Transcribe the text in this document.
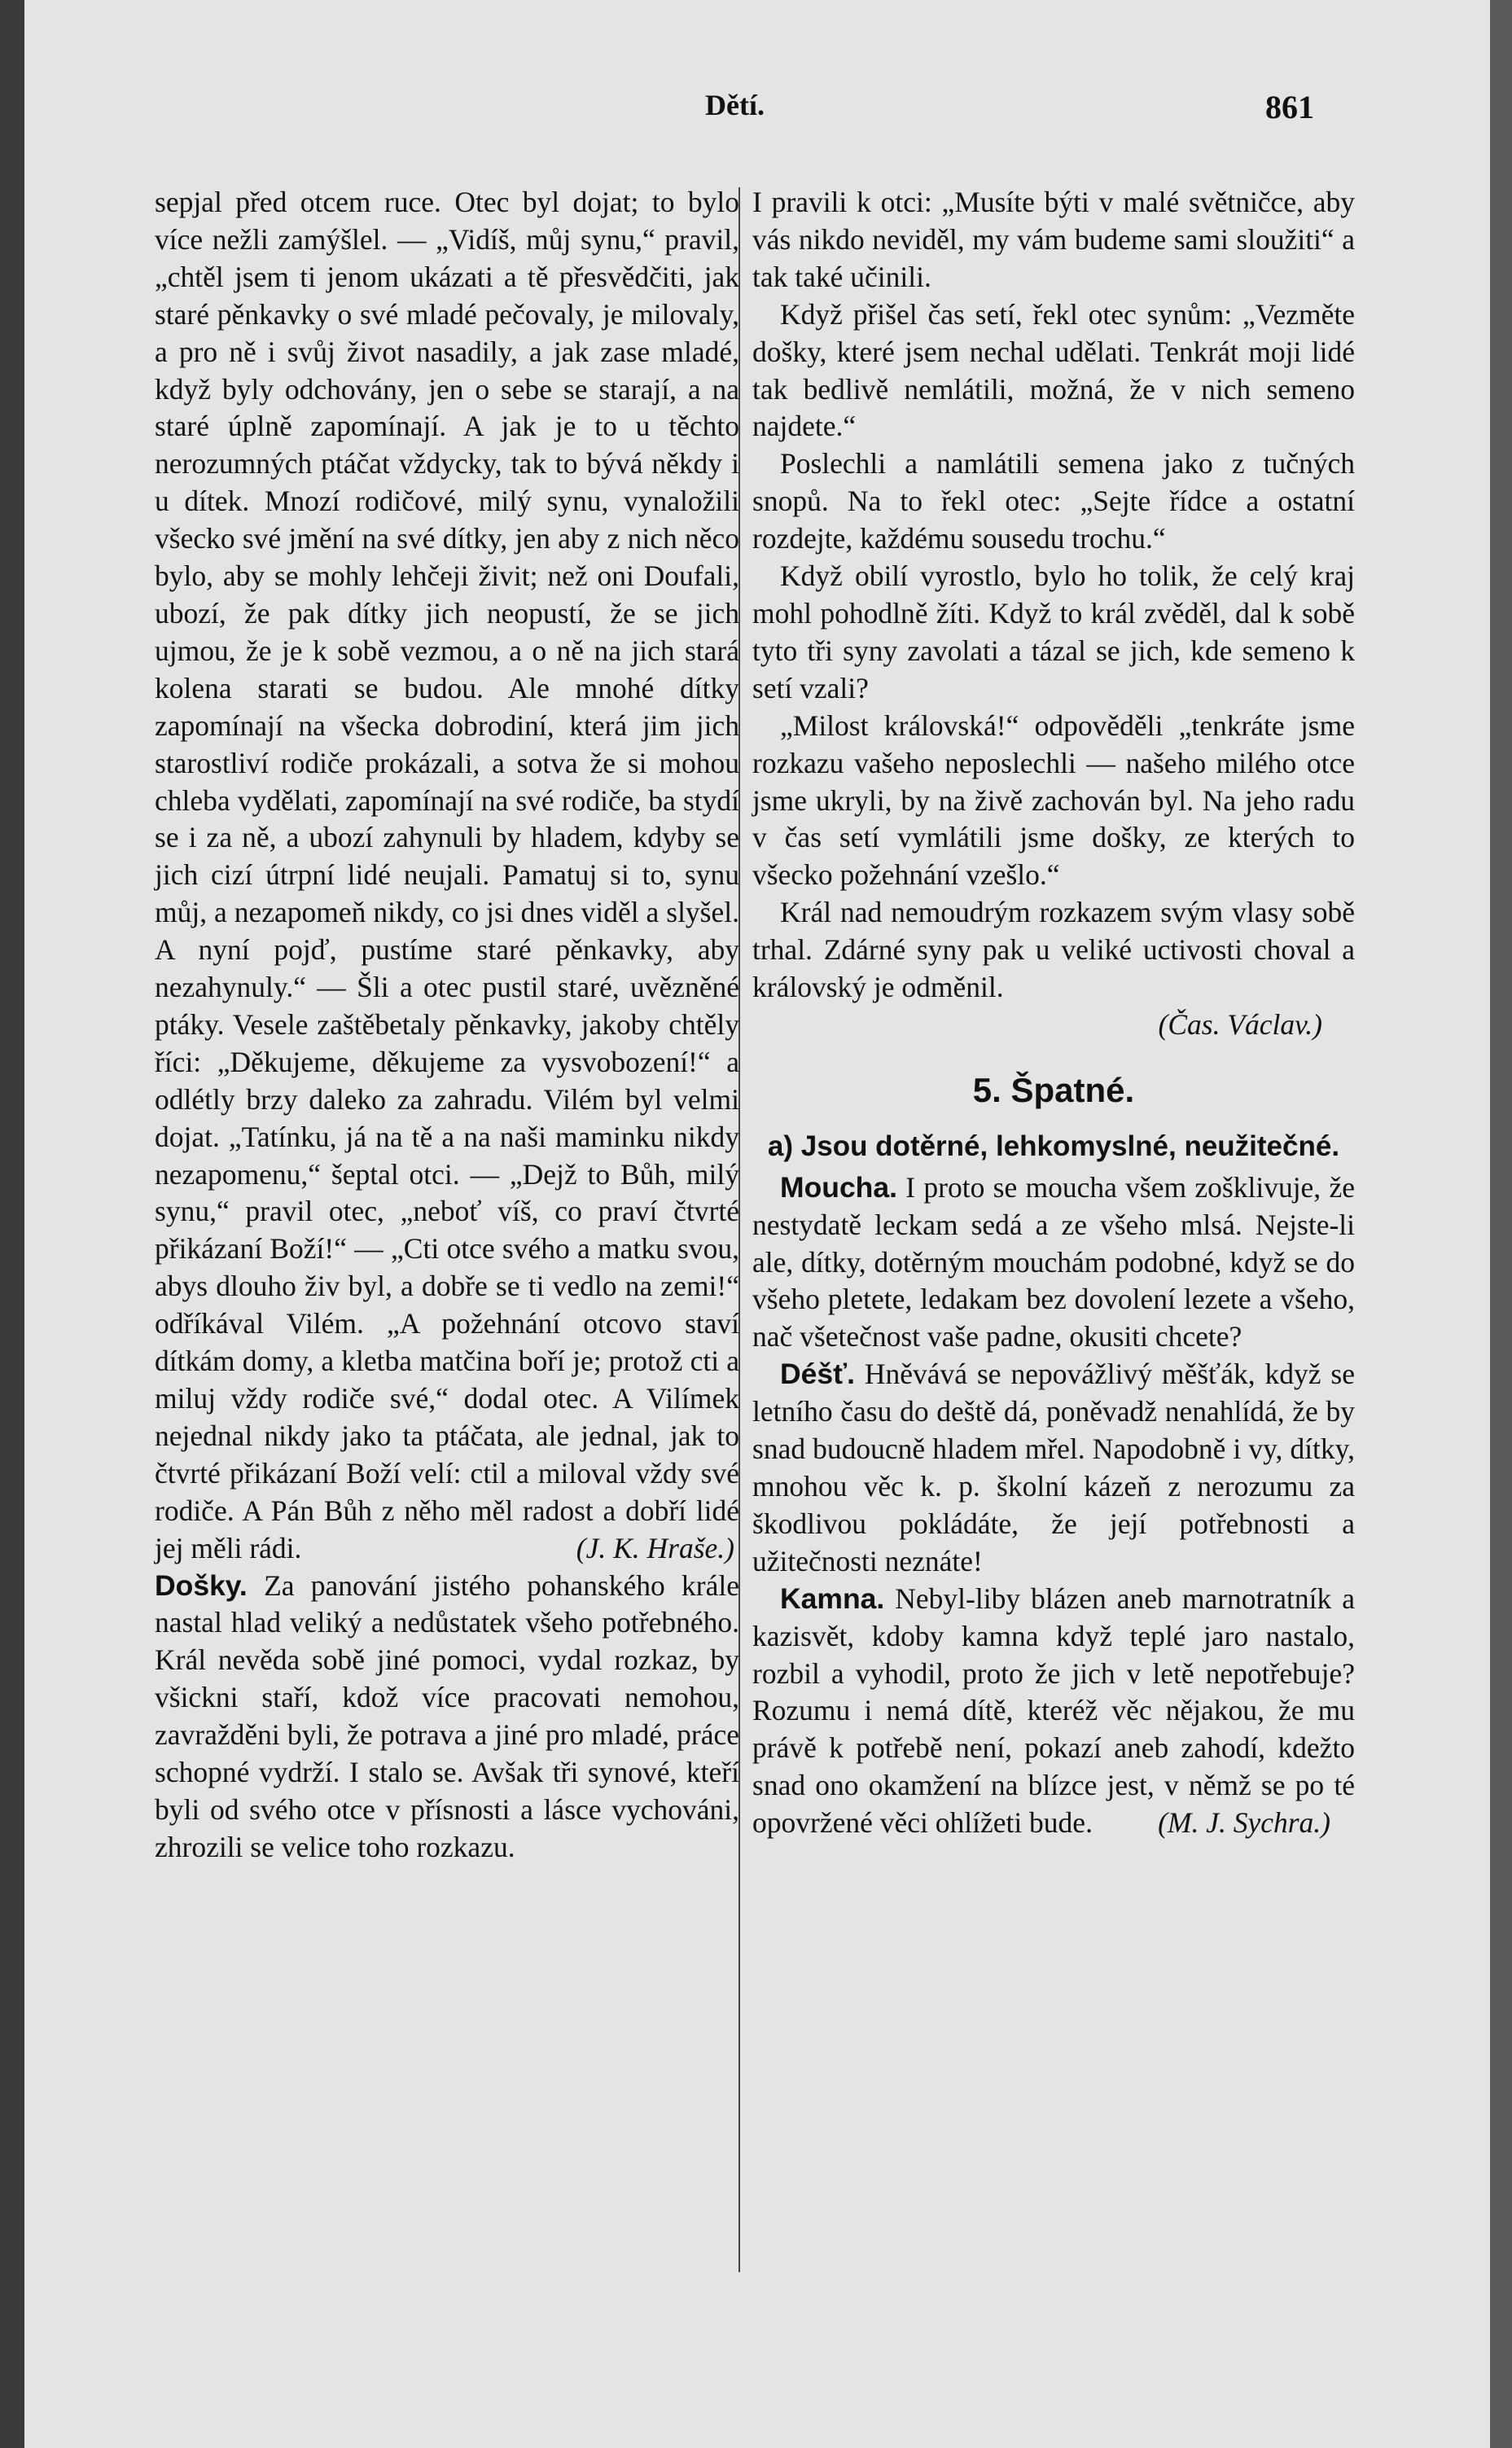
Dětí.	861

sepjal před otcem ruce. Otec byl dojat; to bylo více nežli zamýšlel. — „Vidíš, můj synu,“ pravil, „chtěl jsem ti jenom ukázati a tě přesvědčiti, jak staré pěnkavky o své mladé pečovaly, je milovaly, a pro ně i svůj život nasadily, a jak zase mladé, když byly odchovány, jen o sebe se starají, a na staré úplně zapomínají. A jak je to u těchto nerozumných ptáčat vždycky, tak to bývá někdy i u dítek. Mnozí rodičové, milý synu, vynaložili všecko své jmění na své dítky, jen aby z nich něco bylo, aby se mohly lehčeji živit; než oni Doufali, ubozí, že pak dítky jich neopustí, že se jich ujmou, že je k sobě vezmou, a o ně na jich stará kolena starati se budou. Ale mnohé dítky zapomínají na všecka dobrodiní, která jim jich starostliví rodiče prokázali, a sotva že si mohou chleba vydělati, zapomínají na své rodiče, ba stydí se i za ně, a ubozí zahynuli by hladem, kdyby se jich cizí útrpní lidé neujali. Pamatuj si to, synu můj, a nezapomeň nikdy, co jsi dnes viděl a slyšel. A nyní pojď, pustíme staré pěnkavky, aby nezahynuly.“ — Šli a otec pustil staré, uvězněné ptáky. Vesele zaštěbetaly pěnkavky, jakoby chtěly říci: „Děkujeme, děkujeme za vysvobození!“ a odlétly brzy daleko za zahradu. Vilém byl velmi dojat. „Tatínku, já na tě a na naši maminku nikdy nezapomenu,“ šeptal otci. — „Dejž to Bůh, milý synu,“ pravil otec, „neboť víš, co praví čtvrté přikázaní Boží!“ — „Cti otce svého a matku svou, abys dlouho živ byl, a dobře se ti vedlo na zemi!“ odříkával Vilém. „A požehnání otcovo staví dítkám domy, a kletba matčina boří je; protož cti a miluj vždy rodiče své,“ dodal otec. A Vilímek nejednal nikdy jako ta ptáčata, ale jednal, jak to čtvrté přikázaní Boží velí: ctil a miloval vždy své rodiče. A Pán Bůh z něho měl radost a dobří lidé jej měli rádi.	(J. K. Hraše.)

Došky. Za panování jistého pohanského krále nastal hlad veliký a nedůstatek všeho potřebného. Král nevěda sobě jiné pomoci, vydal rozkaz, by všickni staří, kdož více pracovati nemohou, zavražděni byli, že potrava a jiné pro mladé, práce schopné vydrží. I stalo se. Avšak tři synové, kteří byli od svého otce v přísnosti a lásce vychováni, zhrozili se velice toho rozkazu.

I pravili k otci: „Musíte býti v malé světničce, aby vás nikdo neviděl, my vám budeme sami sloužiti“ a tak také učinili.

Když přišel čas setí, řekl otec synům: „Vezměte došky, které jsem nechal udělati. Tenkrát moji lidé tak bedlivě nemlátili, možná, že v nich semeno najdete.“

Poslechli a namlátili semena jako z tučných snopů. Na to řekl otec: „Sejte řídce a ostatní rozdejte, každému sousedu trochu.“

Když obilí vyrostlo, bylo ho tolik, že celý kraj mohl pohodlně žíti. Když to král zvěděl, dal k sobě tyto tři syny zavolati a tázal se jich, kde semeno k setí vzali?

„Milost královská!“ odpověděli „tenkráte jsme rozkazu vašeho neposlechli — našeho milého otce jsme ukryli, by na živě zachován byl. Na jeho radu v čas setí vymlátili jsme došky, ze kterých to všecko požehnání vzešlo.“

Král nad nemoudrým rozkazem svým vlasy sobě trhal. Zdárné syny pak u veliké uctivosti choval a královský je odměnil.

(Čas. Václav.)

5. Špatné.
a) Jsou dotěrné, lehkomyslné, neužitečné.

Moucha. I proto se moucha všem zošklivuje, že nestydatě leckam sedá a ze všeho mlsá. Nejste-li ale, dítky, dotěrným mouchám podobné, když se do všeho pletete, ledakam bez dovolení lezete a všeho, nač všetečnost vaše padne, okusiti chcete?

Déšť. Hněvává se nepovážlivý měšťák, když se letního času do deště dá, poněvadž nenahlídá, že by snad budoucně hladem mřel. Napodobně i vy, dítky, mnohou věc k. p. školní kázeň z nerozumu za škodlivou pokládáte, že její potřebnosti a užitečnosti neznáte!

Kamna. Nebyl-liby blázen aneb marnotratník a kazisvět, kdoby kamna když teplé jaro nastalo, rozbil a vyhodil, proto že jich v letě nepotřebuje? Rozumu i nemá dítě, kteréž věc nějakou, že mu právě k potřebě není, pokazí aneb zahodí, kdežto snad ono okamžení na blízce jest, v němž se po té opovržené věci ohlížeti bude.	(M. J. Sychra.)
